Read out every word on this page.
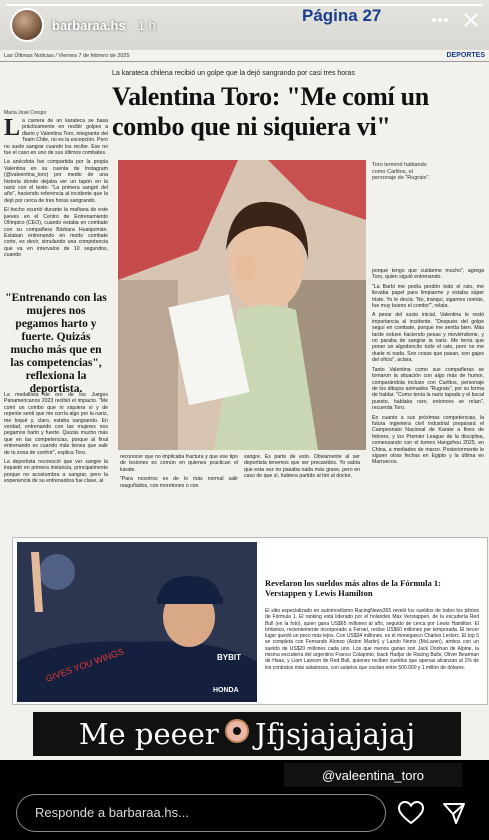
Página 27
Las Últimas Noticias / Viernes 7 de febrero de 2025	DEPORTES
La karateca chilena recibió un golpe que la dejó sangrando por casi tres horas
María José Crespo
Valentina Toro: "Me comí un combo que ni siquiera vi"

La carrera de un karateca se basa prácticamente en recibir golpes a diario y Valentina Toro, integrante del Team Chile, no es la excepción. Pero no suele sangrar cuando los recibe. Ese no fue el caso en uno de sus últimos combates.

La anécdota fue compartida por la propia Valentina en su cuenta de Instagram (@valeentina_toro) por medio de una historia donde dejaba ver un tapón en la nariz con el texto: "La primera sangré del año", haciendo referencia al incidente que la dejó por cerca de tres horas sangrando.

El hecho ocurrió durante la mañana de este jueves en el Centro de Entrenamiento Olímpico (CEO), cuando estaba en combate con su compañera Bárbara Huaiquimán. Estaban entrenando en modo combate corto, es decir, simulando una competencia que va en intervalos de 10 segundos, cuando

"Entrenando con las mujeres nos pegamos harto y fuerte. Quizás mucho más que en las competencias", reflexiona la deportista.

La medallista de oro de los Juegos Panamericanos 2023 recibió el impacto. "Me comí un combo que ni siquiera vi y de repente sentí que me corría algo por la nariz, me toqué y, claro, estaba sangrando. En verdad, entrenando con las mujeres nos pegamos harto y fuerte. Quizás mucho más que en las competencias, porque al final entrenando es cuando más tienes que salir de tu zona de confort", explica Toro.

La deportista reconoció que ver sangre la inquietó en primera instancia, principalmente porque no acostumbra a sangrar, pero la experiencia de su entrenadora fue clave, al

Toro terminó hablando como Carlitos, el personaje de "Rugrats".

reconocer que no implicaba fractura y que ese tipo de lesiones es común en quienes practican el karate.

"Para nosotros es de lo más normal salir rasguñados, con moretones o con

sangre. Es parte de esto. Obviamente al ser deportista tenemos que ser precavidos. Yo sabía que esta vez no pasaba nada más grave, pero en caso de que sí, hubiera partido al tiro al doctor,

porque tengo que cuidarme mucho", agrega Toro, quien siguió entrenando.

"La Barbi me pedía perdón todo el rato, me llevaba papel para limpiarme y estaba súper triste. Yo le decía: 'No, tranqui, sigamos nomás, fue muy bueno el combo'", relata.

A pesar del susto inicial, Valentina le restó importancia al incidente. "Después del golpe seguí en combate, porque me sentía bien. Más tarde estuve haciendo pesas y moviéndome, y no paraba de sangrar la nariz. Me tenía que poner un algodoncito todo el rato, pero no me duele ni nada. Son cosas que pasan, son gajes del oficio", aclara.

Tanto Valentina como sus compañeras se tomaron la situación con algo más de humor, comparándola incluso con Carlitos, personaje de los dibujos animados "Rugrats", por su forma de hablar. "Como tenía la nariz tapada y el bucal puesto, hablaba raro, entonces se reían", recuerda Toro.

En cuanto a sus próximas competencias, la futura ingeniera civil industrial preparará el Campeonato Nacional de Karate a fines de febrero, y los Premier League de la disciplina, comenzando con el torneo Hangzhou 2025, en China, a mediados de marzo. Posteriormente le siguen otras fechas en Egipto y la última en Marruecos.

GIVES YOU WINGS	BYBIT
HONDA
Revelaron los sueldos más altos de la Fórmula 1: Verstappen y Lewis Hamilton
El sitio especializado en automovilismo RacingNews365 reveló los sueldos de todos los pilotos de Fórmula 1. El ranking está liderado por el holandés Max Verstappen, de la escudería Red Bull (en la foto), quien gana US$65 millones al año, seguido de cerca por Lewis Hamilton. El británico, recientemente incorporado a Ferrari, recibe US$60 millones por temporada. El tercer lugar quedó un poco más lejos. Con US$34 millones, es el monegasco Charles Leclerc. El top 5 se completa con Fernando Alonso (Aston Martin) y Lando Norris (McLaren), ambos con un sueldo de US$20 millones cada uno. Los que menos ganan son Jack Doohan de Alpine, la misma escudería del argentino Franco Colapinto; Isack Hadjar de Racing Bulls; Oliver Bearman de Haas, y Liam Lawson de Red Bull, quienes reciben sueldos que apenas alcanzan al 1% de los contratos más salariosos, con salarios que oscilan entre 500.000 y 1 millón de dólares.
barbaraa.hs 1 h
Me peeer Jfjsjajajajaj
@valeentina_toro
Responde a barbaraa.hs...
